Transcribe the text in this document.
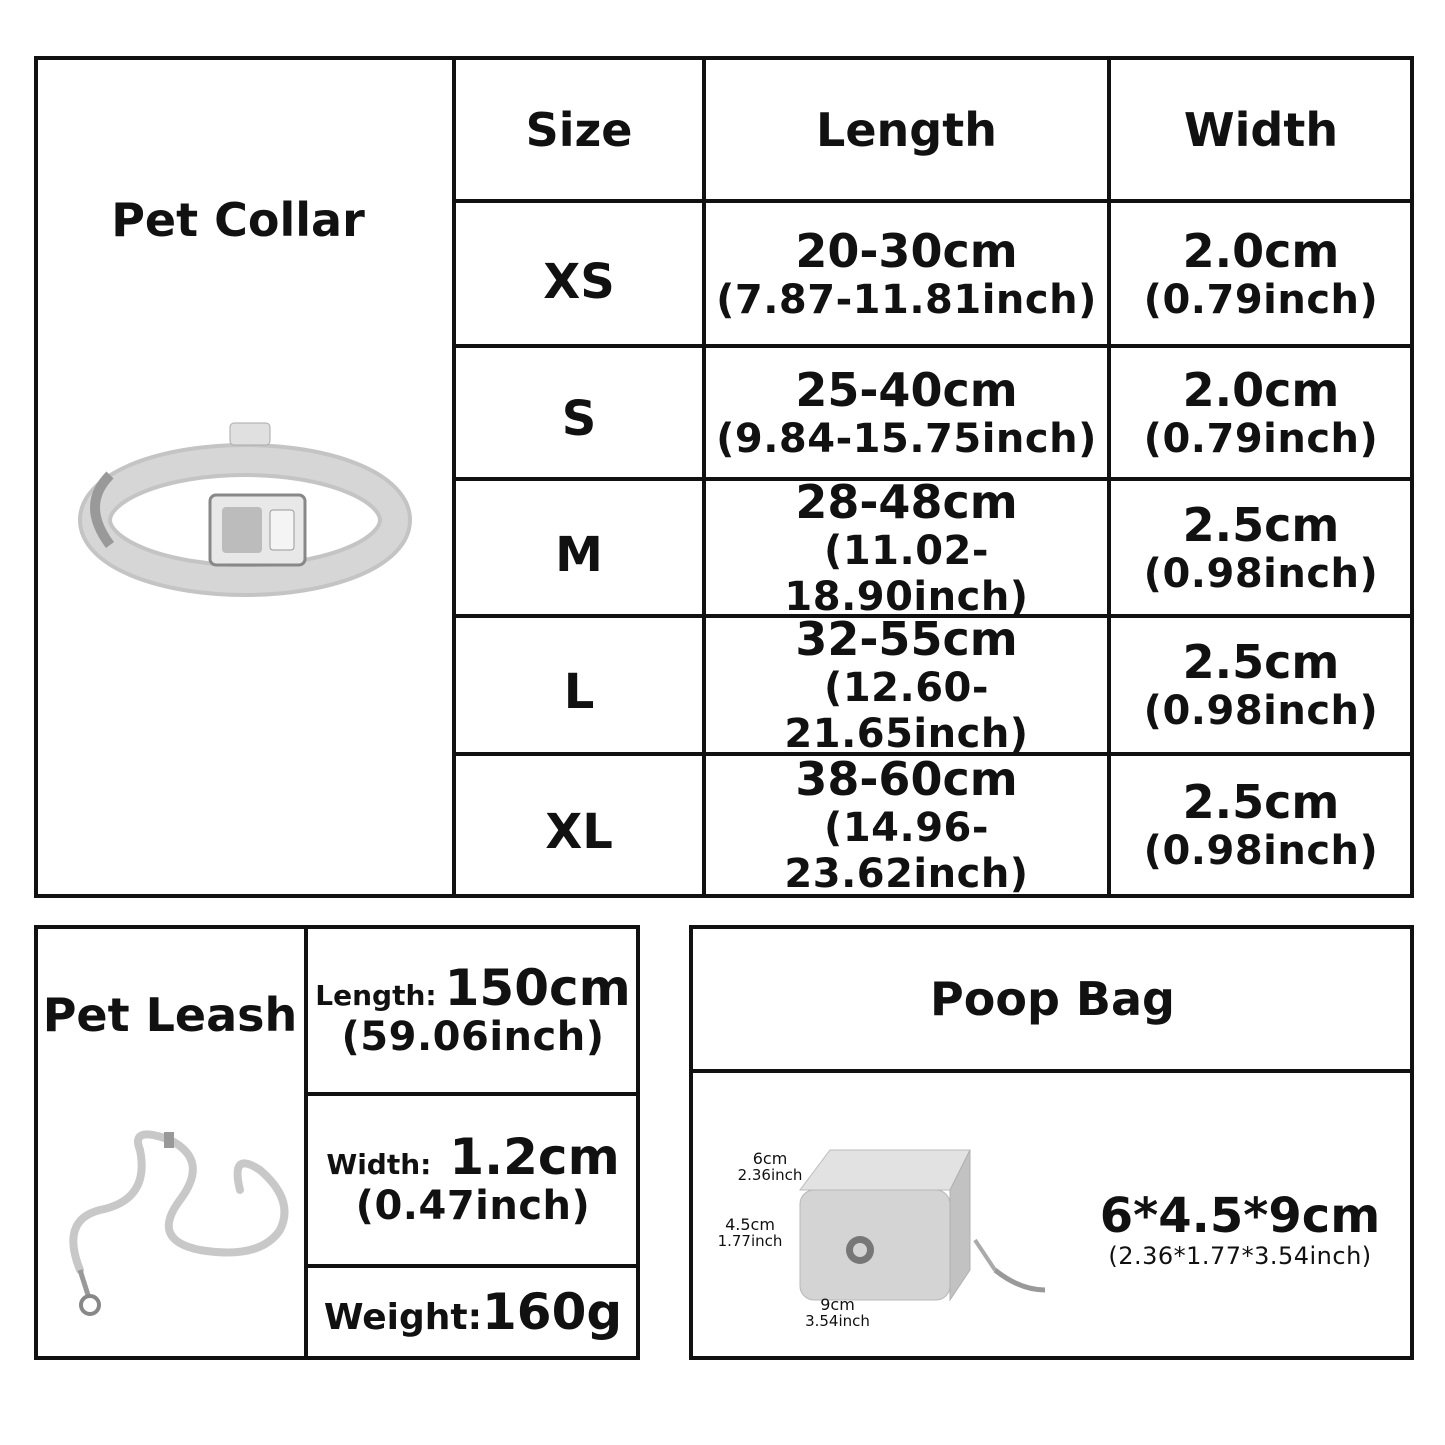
Pet Collar
Size	Length	Width
XS
20-30cm
(7.87-11.81inch)
2.0cm
(0.79inch)
S
25-40cm
(9.84-15.75inch)
2.0cm
(0.79inch)
M
28-48cm
(11.02-18.90inch)
2.5cm
(0.98inch)
L
32-55cm
(12.60-21.65inch)
2.5cm
(0.98inch)
XL
38-60cm
(14.96-23.62inch)
2.5cm
(0.98inch)
Pet Leash Length: 150cm
(59.06inch)
Width: 1.2cm
(0.47inch)
Weight: 160g
Poop Bag
6cm
2.36inch
4.5cm
1.77inch
9cm
3.54inch
6*4.5*9cm
(2.36*1.77*3.54inch)
